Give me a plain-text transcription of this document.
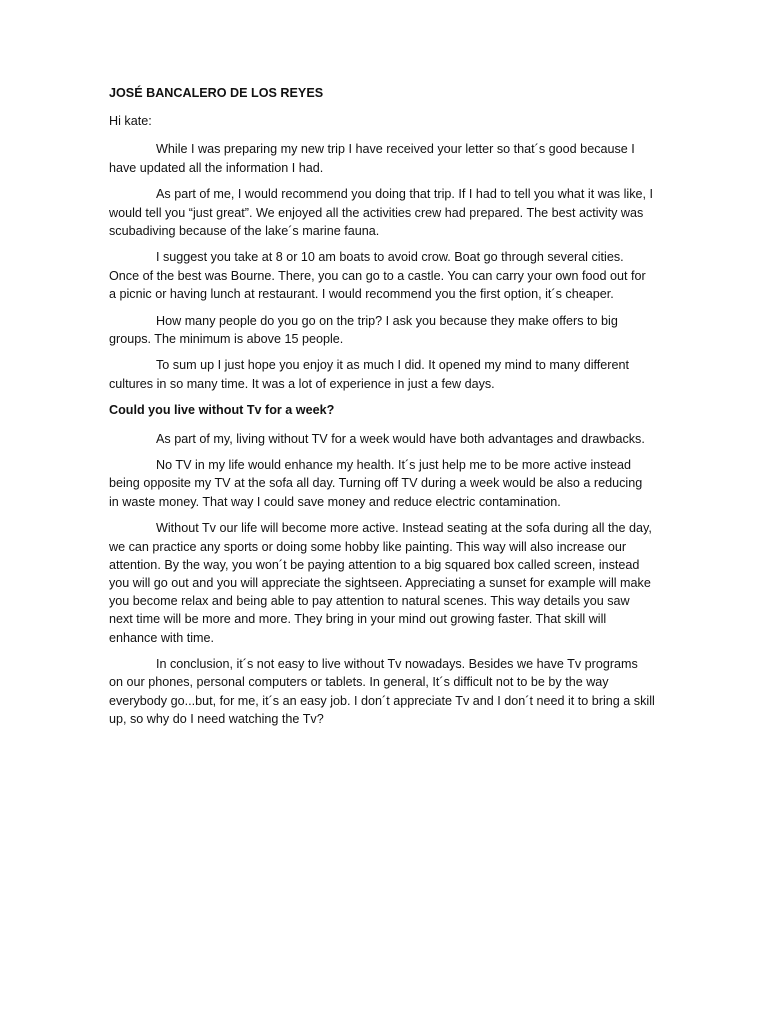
JOSÉ BANCALERO DE LOS REYES

Hi kate:

While I was preparing my new trip I have received your letter so that´s good because I have updated all the information I had.

As part of me, I would recommend you doing that trip. If I had to tell you what it was like, I would tell you “just great”. We enjoyed all the activities crew had prepared. The best activity was scubadiving because of the lake´s marine fauna.

I suggest you take at 8 or 10 am boats to avoid crow. Boat go through several cities. Once of the best was Bourne. There, you can go to a castle. You can carry your own food out for a picnic or having lunch at restaurant. I would recommend you the first option, it´s cheaper.

How many people do you go on the trip? I ask you because they make offers to big groups. The minimum is above 15 people.

To sum up I just hope you enjoy it as much I did. It opened my mind to many different cultures in so many time. It was a lot of experience in just a few days.

Could you live without Tv for a week?

As part of my, living without TV for a week would have both advantages and drawbacks.

No TV in my life would enhance my health. It´s just help me to be more active instead being opposite my TV at the sofa all day. Turning off TV during a week would be also a reducing in waste money. That way I could save money and reduce electric contamination.

Without Tv our life will become more active. Instead seating at the sofa during all the day, we can practice any sports or doing some hobby like painting. This way will also increase our attention. By the way, you won´t be paying attention to a big squared box called screen, instead you will go out and you will appreciate the sightseen. Appreciating a sunset for example will make you become relax and being able to pay attention to natural scenes. This way details you saw next time will be more and more. They bring in your mind out growing faster. That skill will enhance with time.

In conclusion, it´s not easy to live without Tv nowadays. Besides we have Tv programs on our phones, personal computers or tablets. In general, It´s difficult not to be by the way everybody go...but, for me, it´s an easy job. I don´t appreciate Tv and I don´t need it to bring a skill up, so why do I need watching the Tv?
